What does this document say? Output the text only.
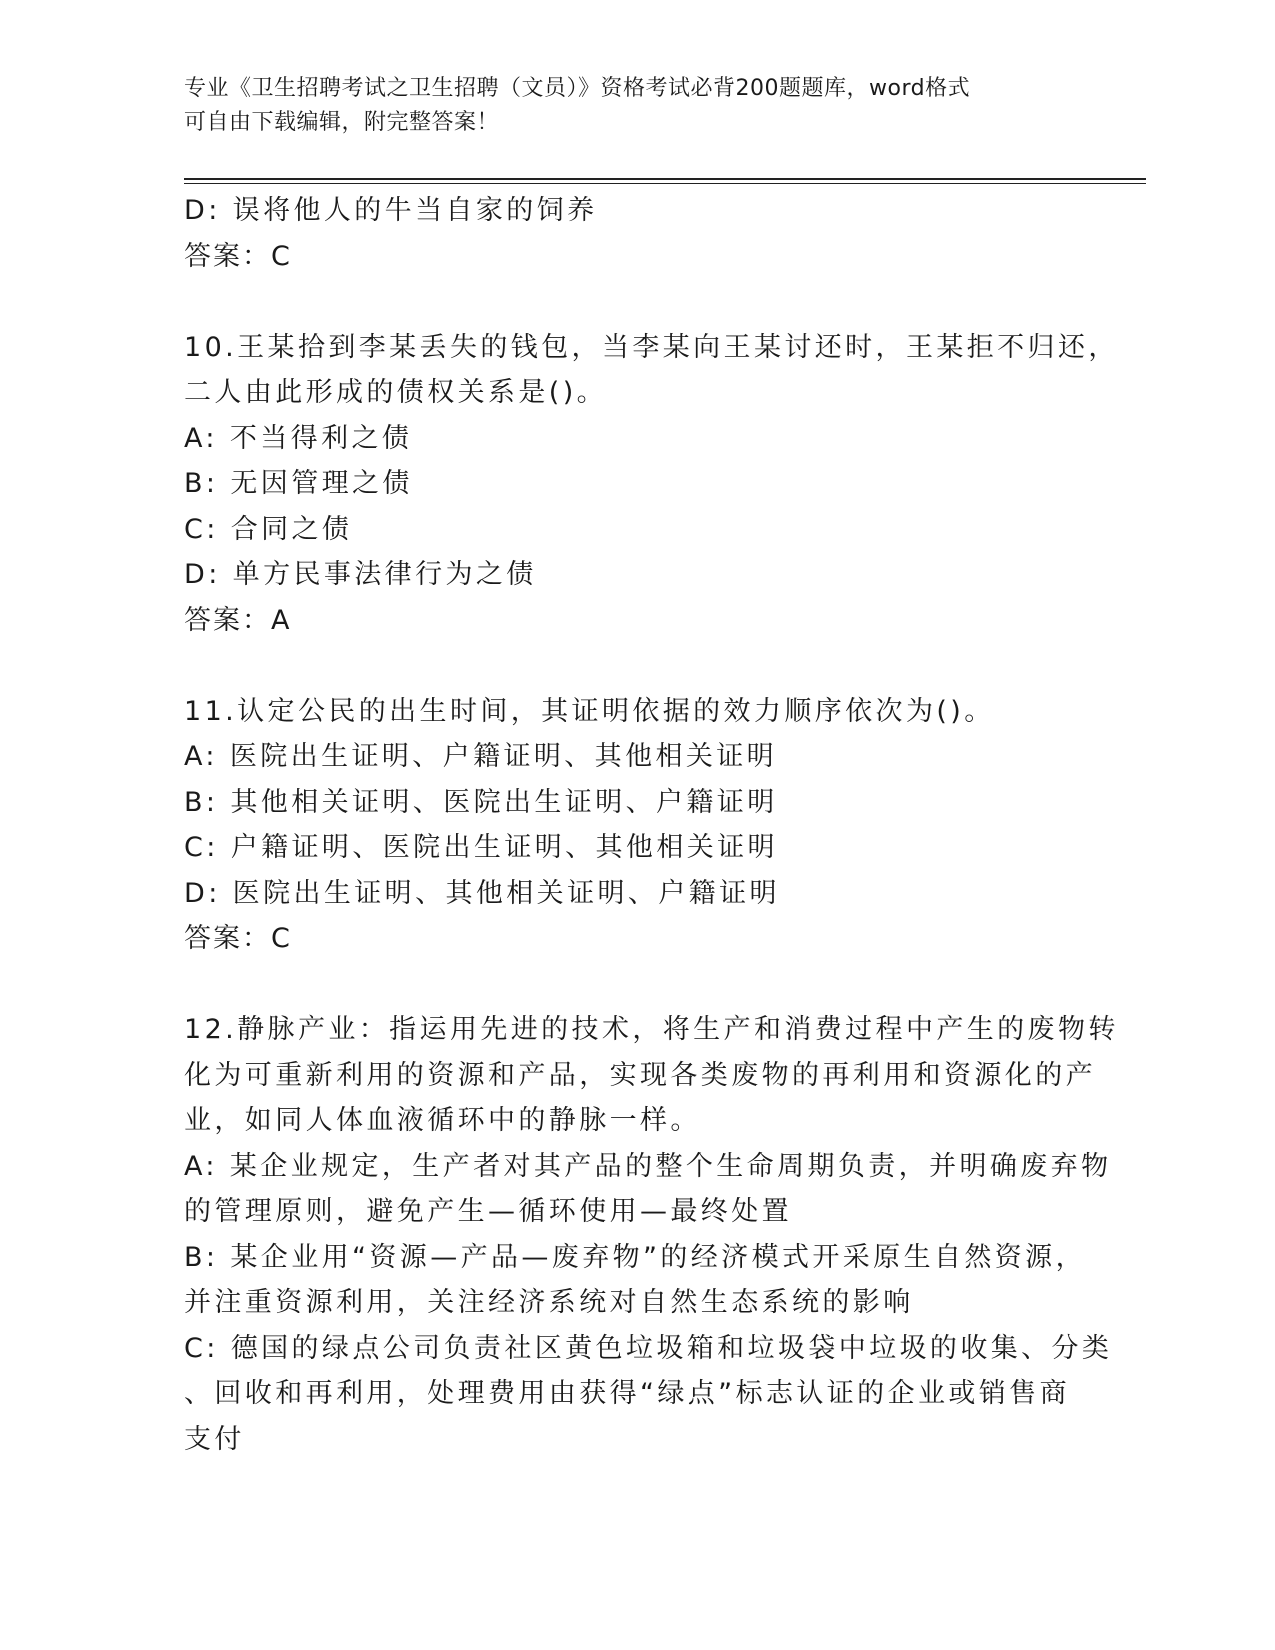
专业《卫生招聘考试之卫生招聘（文员）》资格考试必背200题题库，word格式
可自由下载编辑，附完整答案！
D: 误将他人的牛当自家的饲养
答案：C
10.王某拾到李某丢失的钱包，当李某向王某讨还时，王某拒不归还，
二人由此形成的债权关系是()。
A: 不当得利之债
B: 无因管理之债
C: 合同之债
D: 单方民事法律行为之债
答案：A
11.认定公民的出生时间，其证明依据的效力顺序依次为()。
A: 医院出生证明、户籍证明、其他相关证明
B: 其他相关证明、医院出生证明、户籍证明
C: 户籍证明、医院出生证明、其他相关证明
D: 医院出生证明、其他相关证明、户籍证明
答案：C
12.静脉产业：指运用先进的技术，将生产和消费过程中产生的废物转
化为可重新利用的资源和产品，实现各类废物的再利用和资源化的产
业，如同人体血液循环中的静脉一样。
A: 某企业规定，生产者对其产品的整个生命周期负责，并明确废弃物
的管理原则，避免产生—循环使用—最终处置
B: 某企业用“资源—产品—废弃物”的经济模式开采原生自然资源，
并注重资源利用，关注经济系统对自然生态系统的影响
C: 德国的绿点公司负责社区黄色垃圾箱和垃圾袋中垃圾的收集、分类
、回收和再利用，处理费用由获得“绿点”标志认证的企业或销售商
支付
